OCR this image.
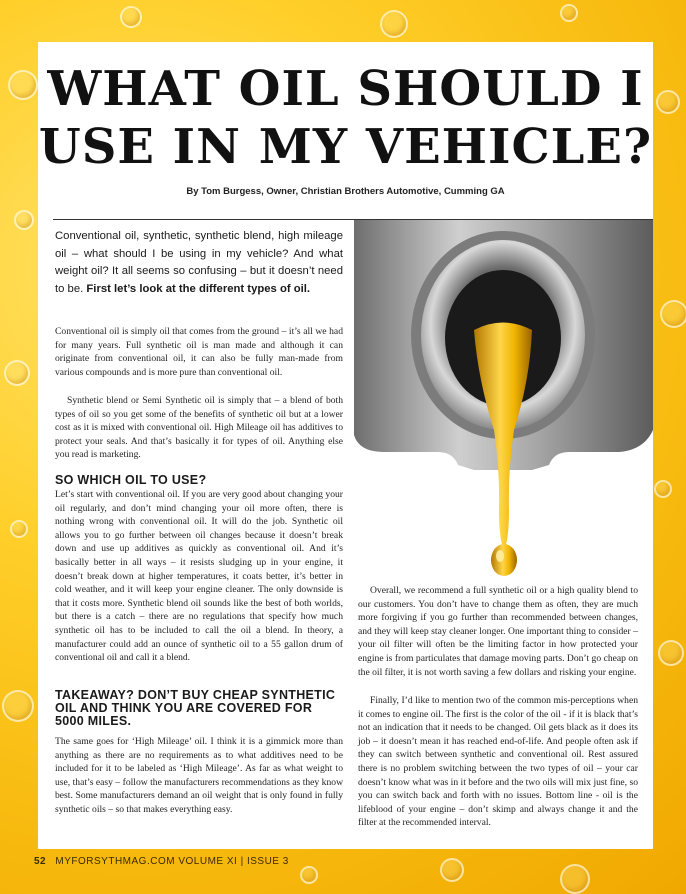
WHAT OIL SHOULD I
USE IN MY VEHICLE?
By Tom Burgess, Owner, Christian Brothers Automotive, Cumming GA

Conventional oil, synthetic, synthetic blend, high mileage oil – what should I be using in my vehicle? And what weight oil? It all seems so confusing – but it doesn’t need to be. First let’s look at the different types of oil.

Conventional oil is simply oil that comes from the ground – it’s all we had for many years. Full synthetic oil is man made and although it can originate from conventional oil, it can also be fully man-made from various compounds and is more pure than conventional oil.

Synthetic blend or Semi Synthetic oil is simply that – a blend of both types of oil so you get some of the benefits of synthetic oil but at a lower cost as it is mixed with conventional oil. High Mileage oil has additives to protect your seals. And that’s basically it for types of oil. Anything else you read is marketing.

SO WHICH OIL TO USE?

Let’s start with conventional oil. If you are very good about changing your oil regularly, and don’t mind changing your oil more often, there is nothing wrong with conventional oil. It will do the job. Synthetic oil allows you to go further between oil changes because it doesn’t break down and use up additives as quickly as conventional oil. And it’s basically better in all ways – it resists sludging up in your engine, it doesn’t break down at higher temperatures, it coats better, it’s better in cold weather, and it will keep your engine cleaner. The only downside is that it costs more. Synthetic blend oil sounds like the best of both worlds, but there is a catch – there are no regulations that specify how much synthetic oil has to be included to call the oil a blend. In theory, a manufacturer could add an ounce of synthetic oil to a 55 gallon drum of conventional oil and call it a blend.

TAKEAWAY? DON’T BUY CHEAP SYNTHETIC OIL AND THINK YOU ARE COVERED FOR 5000 MILES.

The same goes for ‘High Mileage’ oil. I think it is a gimmick more than anything as there are no requirements as to what additives need to be included for it to be labeled as ‘High Mileage’. As far as what weight to use, that’s easy – follow the manufacturers recommendations as they know best. Some manufacturers demand an oil weight that is only found in fully synthetic oils – so that makes everything easy.

Overall, we recommend a full synthetic oil or a high quality blend to our customers. You don’t have to change them as often, they are much more forgiving if you go further than recommended between changes, and they will keep stay cleaner longer. One important thing to consider – your oil filter will often be the limiting factor in how protected your engine is from particulates that damage moving parts. Don’t go cheap on the oil filter, it is not worth saving a few dollars and risking your engine.

Finally, I’d like to mention two of the common mis-perceptions when it comes to engine oil. The first is the color of the oil - if it is black that’s not an indication that it needs to be changed. Oil gets black as it does its job – it doesn’t mean it has reached end-of-life. And people often ask if they can switch between synthetic and conventional oil. Rest assured there is no problem switching between the two types of oil – your car doesn’t know what was in it before and the two oils will mix just fine, so you can switch back and forth with no issues. Bottom line - oil is the lifeblood of your engine – don’t skimp and always change it and the filter at the recommended interval.

52 MYFORSYTHMAG.COM VOLUME XI | ISSUE 3
